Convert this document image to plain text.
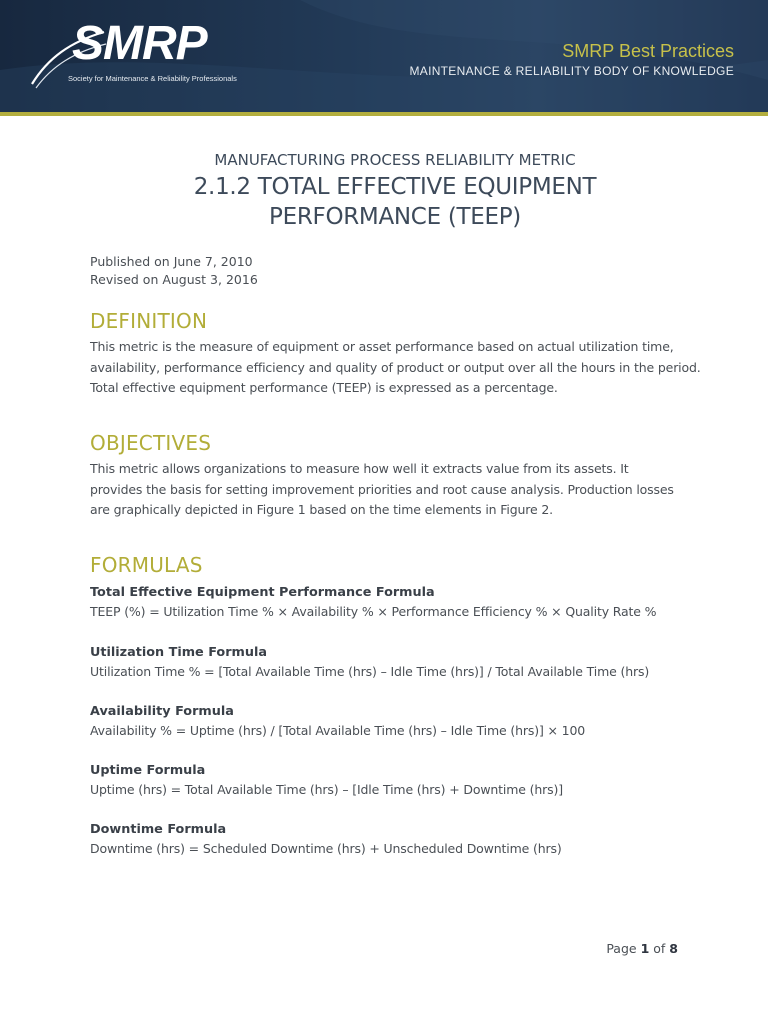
SMRP
Society for Maintenance & Reliability Professionals
SMRP Best Practices
MAINTENANCE & RELIABILITY BODY OF KNOWLEDGE
MANUFACTURING PROCESS RELIABILITY METRIC
2.1.2 TOTAL EFFECTIVE EQUIPMENT
PERFORMANCE (TEEP)
Published on June 7, 2010
Revised on August 3, 2016
DEFINITION
This metric is the measure of equipment or asset performance based on actual utilization time,
availability, performance efficiency and quality of product or output over all the hours in the period.
Total effective equipment performance (TEEP) is expressed as a percentage.
OBJECTIVES
This metric allows organizations to measure how well it extracts value from its assets. It
provides the basis for setting improvement priorities and root cause analysis. Production losses
are graphically depicted in Figure 1 based on the time elements in Figure 2.
FORMULAS
Total Effective Equipment Performance Formula
TEEP (%) = Utilization Time % × Availability % × Performance Efficiency % × Quality Rate %
Utilization Time Formula
Utilization Time % = [Total Available Time (hrs) – Idle Time (hrs)] / Total Available Time (hrs)
Availability Formula
Availability % = Uptime (hrs) / [Total Available Time (hrs) – Idle Time (hrs)] × 100
Uptime Formula
Uptime (hrs) = Total Available Time (hrs) – [Idle Time (hrs) + Downtime (hrs)]
Downtime Formula
Downtime (hrs) = Scheduled Downtime (hrs) + Unscheduled Downtime (hrs)
Page 1 of 8
